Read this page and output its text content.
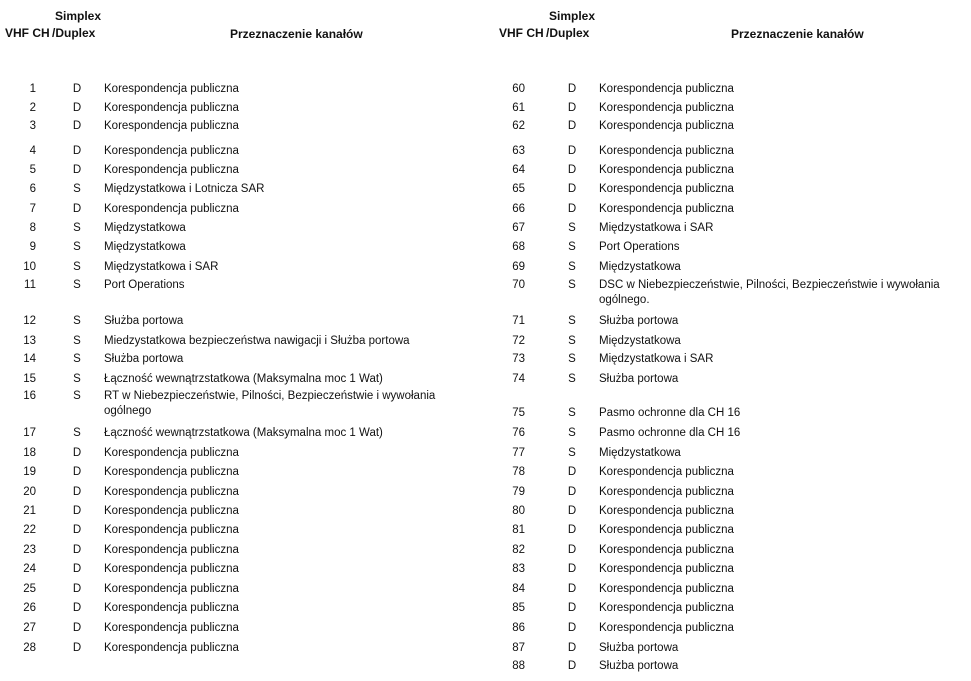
Simplex
VHF CH /Duplex	Przeznaczenie kanałów
1	D Korespondencja publiczna
2	D Korespondencja publiczna
3	D Korespondencja publiczna
4	D Korespondencja publiczna
5	D Korespondencja publiczna
6	S Międzystatkowa i Lotnicza SAR
7	D Korespondencja publiczna
8	S Międzystatkowa
9	S Międzystatkowa
10	S Międzystatkowa i SAR
11	S Port Operations
12	S Służba portowa
13	S Miedzystatkowa bezpieczeństwa nawigacji i Służba portowa
14	S Służba portowa
15	S Łączność wewnątrzstatkowa (Maksymalna moc 1 Wat)
16	S RT w Niebezpieczeństwie, Pilności, Bezpieczeństwie i wywołania
ogólnego
17	S Łączność wewnątrzstatkowa (Maksymalna moc 1 Wat)
18	D Korespondencja publiczna
19	D Korespondencja publiczna
20	D Korespondencja publiczna
21	D Korespondencja publiczna
22	D Korespondencja publiczna
23	D Korespondencja publiczna
24	D Korespondencja publiczna
25	D Korespondencja publiczna
26	D Korespondencja publiczna
27	D Korespondencja publiczna
28	D Korespondencja publiczna
Simplex
VHF CH /Duplex	Przeznaczenie kanałów
60	D Korespondencja publiczna
61	D Korespondencja publiczna
62	D Korespondencja publiczna
63	D Korespondencja publiczna
64	D Korespondencja publiczna
65	D Korespondencja publiczna
66	D Korespondencja publiczna
67	S Międzystatkowa i SAR
68	S Port Operations
69	S Międzystatkowa
70	S DSC w Niebezpieczeństwie, Pilności, Bezpieczeństwie i wywołania
ogólnego.
71	S Służba portowa
72	S Międzystatkowa
73	S Międzystatkowa i SAR
74	S Służba portowa
75	S Pasmo ochronne dla CH 16
76	S Pasmo ochronne dla CH 16
77	S Międzystatkowa
78	D Korespondencja publiczna
79	D Korespondencja publiczna
80	D Korespondencja publiczna
81	D Korespondencja publiczna
82	D Korespondencja publiczna
83	D Korespondencja publiczna
84	D Korespondencja publiczna
85	D Korespondencja publiczna
86	D Korespondencja publiczna
87	D Służba portowa
88	D Służba portowa
